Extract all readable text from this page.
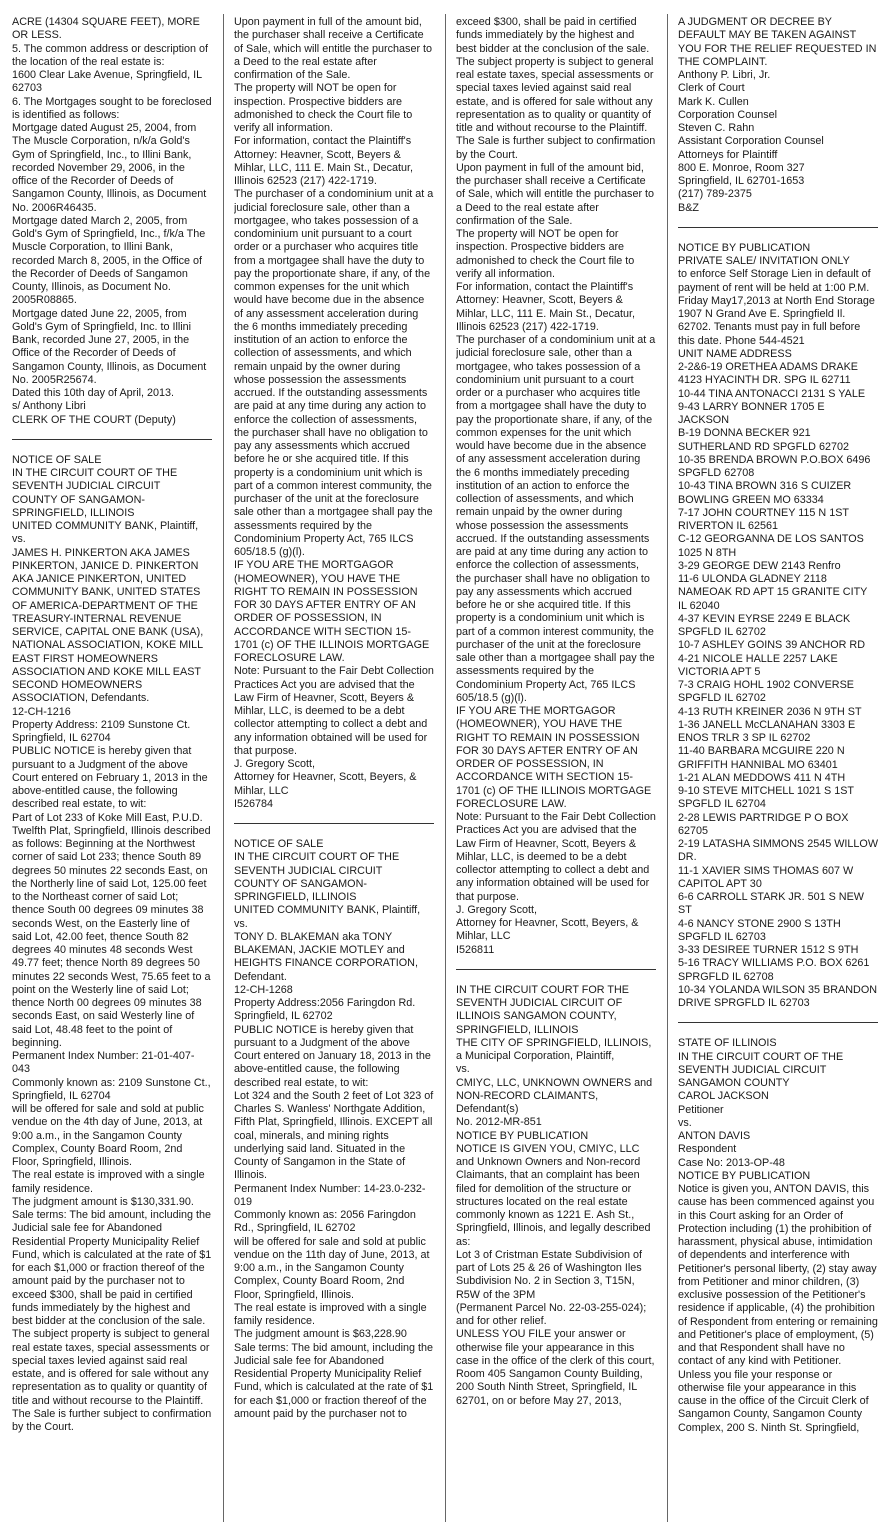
ACRE (14304 SQUARE FEET), MORE OR LESS.

5. The common address or description of the location of the real estate is:

1600 Clear Lake Avenue, Springfield, IL 62703

6. The Mortgages sought to be foreclosed is identified as follows:

Mortgage dated August 25, 2004, from The Muscle Corporation, n/k/a Gold's Gym of Springfield, Inc., to Illini Bank, recorded November 29, 2006, in the office of the Recorder of Deeds of Sangamon County, Illinois, as Document No. 2006R46435.

Mortgage dated March 2, 2005, from Gold's Gym of Springfield, Inc., f/k/a The Muscle Corporation, to Illini Bank, recorded March 8, 2005, in the Office of the Recorder of Deeds of Sangamon County, Illinois, as Document No. 2005R08865.

Mortgage dated June 22, 2005, from Gold's Gym of Springfield, Inc. to Illini Bank, recorded June 27, 2005, in the Office of the Recorder of Deeds of Sangamon County, Illinois, as Document No. 2005R25674.

Dated this 10th day of April, 2013.

s/ Anthony Libri

CLERK OF THE COURT (Deputy)

NOTICE OF SALE

IN THE CIRCUIT COURT OF THE SEVENTH JUDICIAL CIRCUIT

COUNTY OF SANGAMON-SPRINGFIELD, ILLINOIS

UNITED COMMUNITY BANK, Plaintiff,

vs.

JAMES H. PINKERTON AKA JAMES PINKERTON, JANICE D. PINKERTON AKA JANICE PINKERTON, UNITED COMMUNITY BANK, UNITED STATES OF AMERICA-DEPARTMENT OF THE TREASURY-INTERNAL REVENUE SERVICE, CAPITAL ONE BANK (USA), NATIONAL ASSOCIATION, KOKE MILL EAST FIRST HOMEOWNERS ASSOCIATION AND KOKE MILL EAST SECOND HOMEOWNERS ASSOCIATION, Defendants.

12-CH-1216

Property Address: 2109 Sunstone Ct. Springfield, IL 62704

PUBLIC NOTICE is hereby given that pursuant to a Judgment of the above Court entered on February 1, 2013 in the above-entitled cause, the following described real estate, to wit:

Part of Lot 233 of Koke Mill East, P.U.D. Twelfth Plat, Springfield, Illinois described as follows: Beginning at the Northwest corner of said Lot 233; thence South 89 degrees 50 minutes 22 seconds East, on the Northerly line of said Lot, 125.00 feet to the Northeast corner of said Lot; thence South 00 degrees 09 minutes 38 seconds West, on the Easterly line of said Lot, 42.00 feet, thence South 82 degrees 40 minutes 48 seconds West 49.77 feet; thence North 89 degrees 50 minutes 22 seconds West, 75.65 feet to a point on the Westerly line of said Lot; thence North 00 degrees 09 minutes 38 seconds East, on said Westerly line of said Lot, 48.48 feet to the point of beginning.

Permanent Index Number: 21-01-407-043

Commonly known as: 2109 Sunstone Ct., Springfield, IL 62704

will be offered for sale and sold at public vendue on the 4th day of June, 2013, at 9:00 a.m., in the Sangamon County Complex, County Board Room, 2nd Floor, Springfield, Illinois.

The real estate is improved with a single family residence.

The judgment amount is $130,331.90.

Sale terms: The bid amount, including the Judicial sale fee for Abandoned Residential Property Municipality Relief Fund, which is calculated at the rate of $1 for each $1,000 or fraction thereof of the amount paid by the purchaser not to exceed $300, shall be paid in certified funds immediately by the highest and best bidder at the conclusion of the sale. The subject property is subject to general real estate taxes, special assessments or special taxes levied against said real estate, and is offered for sale without any representation as to quality or quantity of title and without recourse to the Plaintiff. The Sale is further subject to confirmation by the Court.

Upon payment in full of the amount bid, the purchaser shall receive a Certificate of Sale, which will entitle the purchaser to a Deed to the real estate after confirmation of the Sale.

The property will NOT be open for inspection. Prospective bidders are admonished to check the Court file to verify all information.

For information, contact the Plaintiff's Attorney: Heavner, Scott, Beyers & Mihlar, LLC, 111 E. Main St., Decatur, Illinois 62523 (217) 422-1719.

The purchaser of a condominium unit at a judicial foreclosure sale, other than a mortgagee, who takes possession of a condominium unit pursuant to a court order or a purchaser who acquires title from a mortgagee shall have the duty to pay the proportionate share, if any, of the common expenses for the unit which would have become due in the absence of any assessment acceleration during the 6 months immediately preceding institution of an action to enforce the collection of assessments, and which remain unpaid by the owner during whose possession the assessments accrued. If the outstanding assessments are paid at any time during any action to enforce the collection of assessments, the purchaser shall have no obligation to pay any assessments which accrued before he or she acquired title. If this property is a condominium unit which is part of a common interest community, the purchaser of the unit at the foreclosure sale other than a mortgagee shall pay the assessments required by the Condominium Property Act, 765 ILCS 605/18.5 (g)(l).

IF YOU ARE THE MORTGAGOR (HOMEOWNER), YOU HAVE THE RIGHT TO REMAIN IN POSSESSION FOR 30 DAYS AFTER ENTRY OF AN ORDER OF POSSESSION, IN ACCORDANCE WITH SECTION 15-1701 (c) OF THE ILLINOIS MORTGAGE FORECLOSURE LAW.

Note: Pursuant to the Fair Debt Collection Practices Act you are advised that the Law Firm of Heavner, Scott, Beyers & Mihlar, LLC, is deemed to be a debt collector attempting to collect a debt and any information obtained will be used for that purpose.

J. Gregory Scott,

Attorney for Heavner, Scott, Beyers, & Mihlar, LLC

I526784

NOTICE OF SALE

IN THE CIRCUIT COURT OF THE SEVENTH JUDICIAL CIRCUIT

COUNTY OF SANGAMON-SPRINGFIELD, ILLINOIS

UNITED COMMUNITY BANK, Plaintiff,

vs.

TONY D. BLAKEMAN aka TONY BLAKEMAN, JACKIE MOTLEY and HEIGHTS FINANCE CORPORATION, Defendant.

12-CH-1268

Property Address:2056 Faringdon Rd. Springfield, IL 62702

PUBLIC NOTICE is hereby given that pursuant to a Judgment of the above Court entered on January 18, 2013 in the above-entitled cause, the following described real estate, to wit:

Lot 324 and the South 2 feet of Lot 323 of Charles S. Wanless' Northgate Addition, Fifth Plat, Springfield, Illinois. EXCEPT all coal, minerals, and mining rights underlying said land. Situated in the County of Sangamon in the State of Illinois.

Permanent Index Number: 14-23.0-232-019

Commonly known as: 2056 Faringdon Rd., Springfield, IL 62702

will be offered for sale and sold at public vendue on the 11th day of June, 2013, at 9:00 a.m., in the Sangamon County Complex, County Board Room, 2nd Floor, Springfield, Illinois.

The real estate is improved with a single family residence.

The judgment amount is $63,228.90

Sale terms: The bid amount, including the Judicial sale fee for Abandoned Residential Property Municipality Relief Fund, which is calculated at the rate of $1 for each $1,000 or fraction thereof of the amount paid by the purchaser not to

exceed $300, shall be paid in certified funds immediately by the highest and best bidder at the conclusion of the sale. The subject property is subject to general real estate taxes, special assessments or special taxes levied against said real estate, and is offered for sale without any representation as to quality or quantity of title and without recourse to the Plaintiff. The Sale is further subject to confirmation by the Court.

Upon payment in full of the amount bid, the purchaser shall receive a Certificate of Sale, which will entitle the purchaser to a Deed to the real estate after confirmation of the Sale.

The property will NOT be open for inspection. Prospective bidders are admonished to check the Court file to verify all information.

For information, contact the Plaintiff's Attorney: Heavner, Scott, Beyers & Mihlar, LLC, 111 E. Main St., Decatur, Illinois 62523 (217) 422-1719.

The purchaser of a condominium unit at a judicial foreclosure sale, other than a mortgagee, who takes possession of a condominium unit pursuant to a court order or a purchaser who acquires title from a mortgagee shall have the duty to pay the proportionate share, if any, of the common expenses for the unit which would have become due in the absence of any assessment acceleration during the 6 months immediately preceding institution of an action to enforce the collection of assessments, and which remain unpaid by the owner during whose possession the assessments accrued. If the outstanding assessments are paid at any time during any action to enforce the collection of assessments, the purchaser shall have no obligation to pay any assessments which accrued before he or she acquired title. If this property is a condominium unit which is part of a common interest community, the purchaser of the unit at the foreclosure sale other than a mortgagee shall pay the assessments required by the Condominium Property Act, 765 ILCS 605/18.5 (g)(l).

IF YOU ARE THE MORTGAGOR (HOMEOWNER), YOU HAVE THE RIGHT TO REMAIN IN POSSESSION FOR 30 DAYS AFTER ENTRY OF AN ORDER OF POSSESSION, IN ACCORDANCE WITH SECTION 15-1701 (c) OF THE ILLINOIS MORTGAGE FORECLOSURE LAW.

Note: Pursuant to the Fair Debt Collection Practices Act you are advised that the Law Firm of Heavner, Scott, Beyers & Mihlar, LLC, is deemed to be a debt collector attempting to collect a debt and any information obtained will be used for that purpose.

J. Gregory Scott,

Attorney for Heavner, Scott, Beyers, & Mihlar, LLC

I526811

IN THE CIRCUIT COURT FOR THE SEVENTH JUDICIAL CIRCUIT OF ILLINOIS SANGAMON COUNTY, SPRINGFIELD, ILLINOIS

THE CITY OF SPRINGFIELD, ILLINOIS, a Municipal Corporation, Plaintiff,

vs.

CMIYC, LLC, UNKNOWN OWNERS and NON-RECORD CLAIMANTS, Defendant(s)

No. 2012-MR-851

NOTICE BY PUBLICATION

NOTICE IS GIVEN YOU, CMIYC, LLC and Unknown Owners and Non-record Claimants, that an complaint has been filed for demolition of the structure or structures located on the real estate commonly known as 1221 E. Ash St., Springfield, Illinois, and legally described as:

Lot 3 of Cristman Estate Subdivision of part of Lots 25 & 26 of Washington Iles Subdivision No. 2 in Section 3, T15N, R5W of the 3PM

(Permanent Parcel No. 22-03-255-024); and for other relief.

UNLESS YOU FILE your answer or otherwise file your appearance in this case in the office of the clerk of this court, Room 405 Sangamon County Building, 200 South Ninth Street, Springfield, IL 62701, on or before May 27, 2013,

A JUDGMENT OR DECREE BY DEFAULT MAY BE TAKEN AGAINST YOU FOR THE RELIEF REQUESTED IN THE COMPLAINT.

Anthony P. Libri, Jr.

Clerk of Court

Mark K. Cullen

Corporation Counsel

Steven C. Rahn

Assistant Corporation Counsel

Attorneys for Plaintiff

800 E. Monroe, Room 327

Springfield, IL 62701-1653

(217) 789-2375

B&Z

NOTICE BY PUBLICATION

PRIVATE SALE/ INVITATION ONLY

to enforce Self Storage Lien in default of payment of rent will be held at 1:00 P.M. Friday May17,2013 at North End Storage 1907 N Grand Ave E. Springfield Il. 62702. Tenants must pay in full before this date. Phone 544-4521

UNIT NAME ADDRESS

2-2&6-19 ORETHEA ADAMS DRAKE 4123 HYACINTH DR. SPG IL 62711

10-44 TINA ANTONACCI 2131 S YALE

9-43 LARRY BONNER 1705 E JACKSON

B-19 DONNA BECKER 921 SUTHERLAND RD SPGFLD 62702

10-35 BRENDA BROWN P.O.BOX 6496 SPGFLD 62708

10-43 TINA BROWN 316 S CUIZER BOWLING GREEN MO 63334

7-17 JOHN COURTNEY 115 N 1ST RIVERTON IL 62561

C-12 GEORGANNA DE LOS SANTOS 1025 N 8TH

3-29 GEORGE DEW 2143 Renfro

11-6 ULONDA GLADNEY 2118 NAMEOAK RD APT 15 GRANITE CITY IL 62040

4-37 KEVIN EYRSE 2249 E BLACK SPGFLD IL 62702

10-7 ASHLEY GOINS 39 ANCHOR RD

4-21 NICOLE HALLE 2257 LAKE VICTORIA APT 5

7-3 CRAIG HOHL 1902 CONVERSE SPGFLD IL 62702

4-13 RUTH KREINER 2036 N 9TH ST

1-36 JANELL McCLANAHAN 3303 E ENOS TRLR 3 SP IL 62702

11-40 BARBARA MCGUIRE 220 N GRIFFITH HANNIBAL MO 63401

1-21 ALAN MEDDOWS 411 N 4TH

9-10 STEVE MITCHELL 1021 S 1ST SPGFLD IL 62704

2-28 LEWIS PARTRIDGE P O BOX 62705

2-19 LATASHA SIMMONS 2545 WILLOW DR.

11-1 XAVIER SIMS THOMAS 607 W CAPITOL APT 30

6-6 CARROLL STARK JR. 501 S NEW ST

4-6 NANCY STONE 2900 S 13TH SPGFLD IL 62703

3-33 DESIREE TURNER 1512 S 9TH

5-16 TRACY WILLIAMS P.O. BOX 6261 SPRGFLD IL 62708

10-34 YOLANDA WILSON 35 BRANDON DRIVE SPRGFLD IL 62703

STATE OF ILLINOIS

IN THE CIRCUIT COURT OF THE SEVENTH JUDICIAL CIRCUIT

SANGAMON COUNTY

CAROL JACKSON

Petitioner

vs.

ANTON DAVIS

Respondent

Case No: 2013-OP-48

NOTICE BY PUBLICATION

Notice is given you, ANTON DAVIS, this cause has been commenced against you in this Court asking for an Order of Protection including (1) the prohibition of harassment, physical abuse, intimidation of dependents and interference with Petitioner's personal liberty, (2) stay away from Petitioner and minor children, (3) exclusive possession of the Petitioner's residence if applicable, (4) the prohibition of Respondent from entering or remaining and Petitioner's place of employment, (5) and that Respondent shall have no contact of any kind with Petitioner.

Unless you file your response or otherwise file your appearance in this cause in the office of the Circuit Clerk of Sangamon County, Sangamon County Complex, 200 S. Ninth St. Springfield,
